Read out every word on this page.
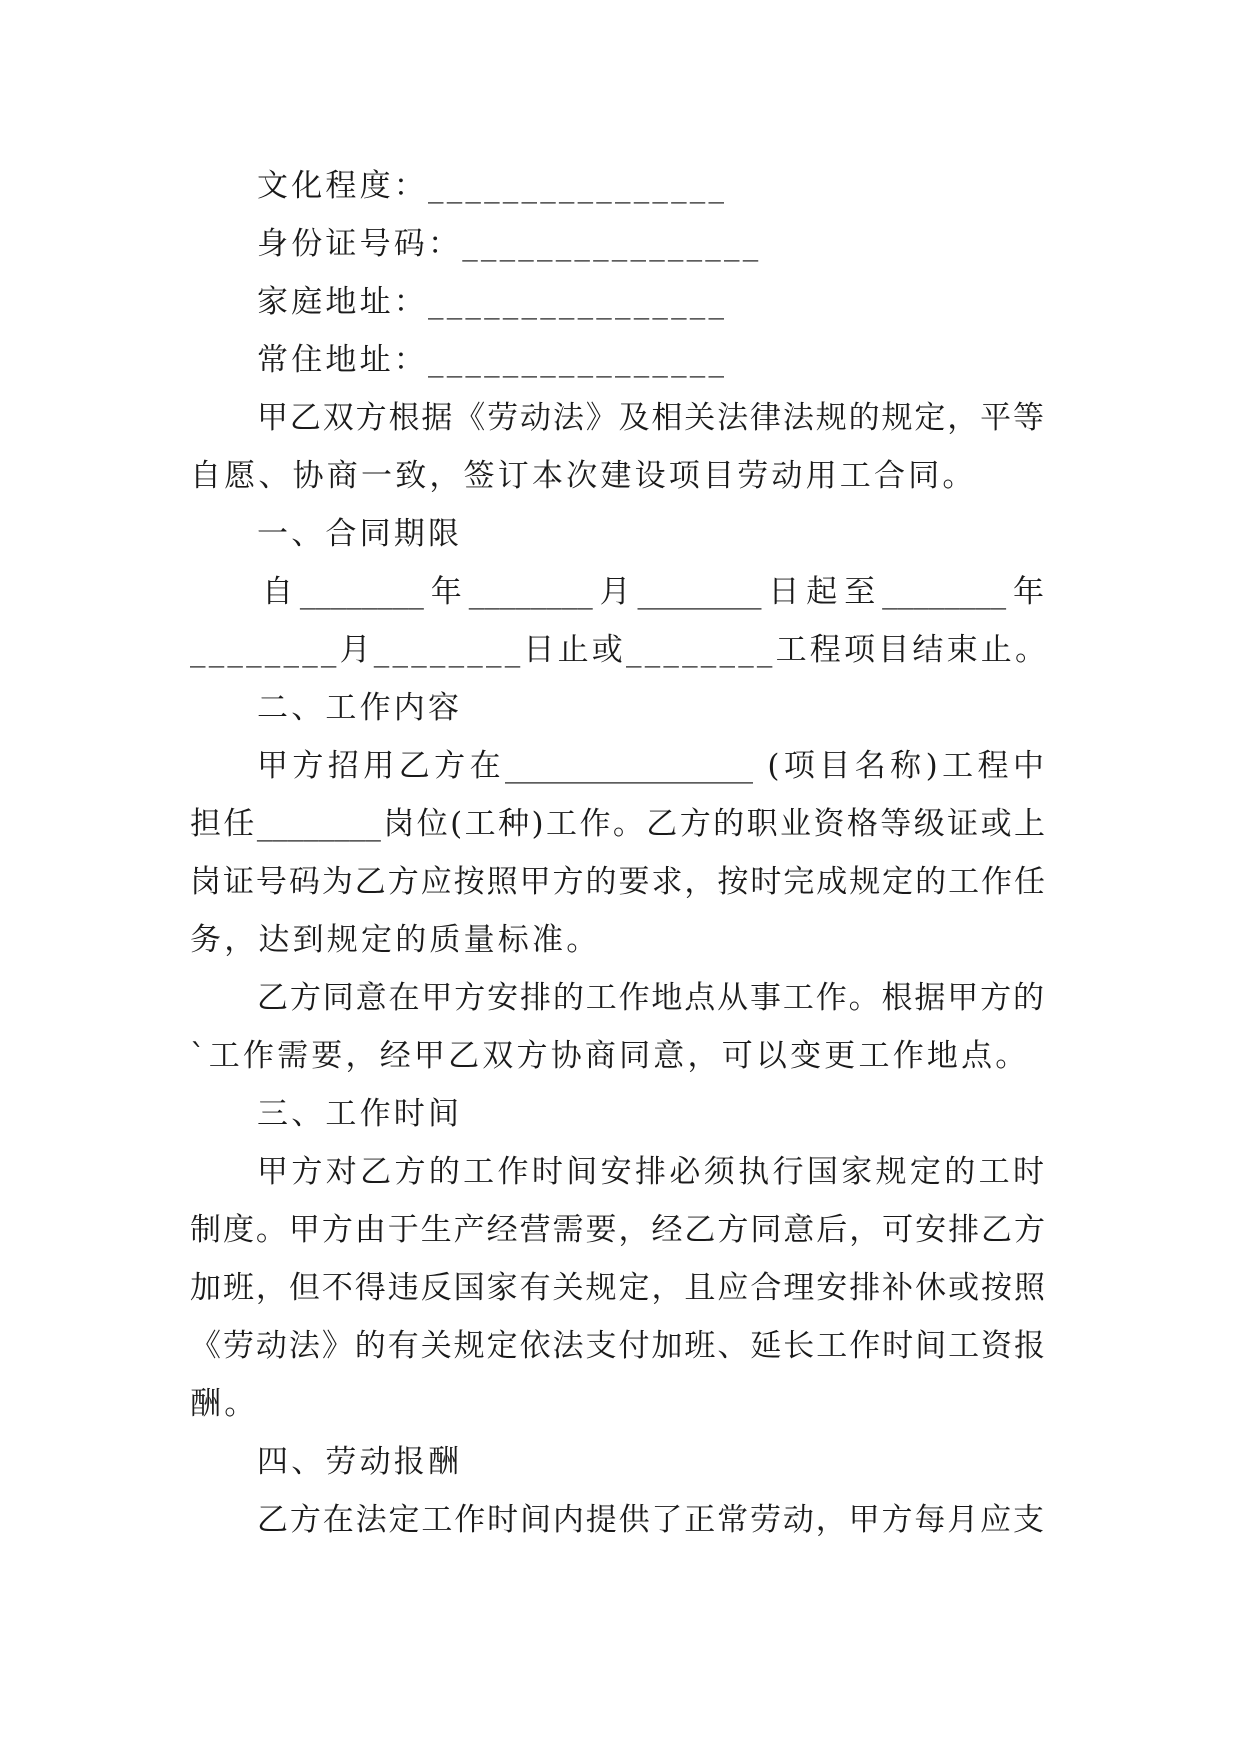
文化程度：________________
身份证号码：________________
家庭地址：________________
常住地址：________________
甲乙双方根据《劳动法》及相关法律法规的规定，平等
自愿、协商一致，签订本次建设项目劳动用工合同。
一、合同期限
自________年________月________日起至________年
________月________日止或________工程项目结束止。
二、工作内容
甲方招用乙方在________________ (项目名称)工程中
担任________岗位(工种)工作。乙方的职业资格等级证或上
岗证号码为乙方应按照甲方的要求，按时完成规定的工作任
务，达到规定的质量标准。
乙方同意在甲方安排的工作地点从事工作。根据甲方的
`工作需要，经甲乙双方协商同意，可以变更工作地点。
三、工作时间
甲方对乙方的工作时间安排必须执行国家规定的工时
制度。甲方由于生产经营需要，经乙方同意后，可安排乙方
加班，但不得违反国家有关规定，且应合理安排补休或按照
《劳动法》的有关规定依法支付加班、延长工作时间工资报
酬。
四、劳动报酬
乙方在法定工作时间内提供了正常劳动，甲方每月应支
